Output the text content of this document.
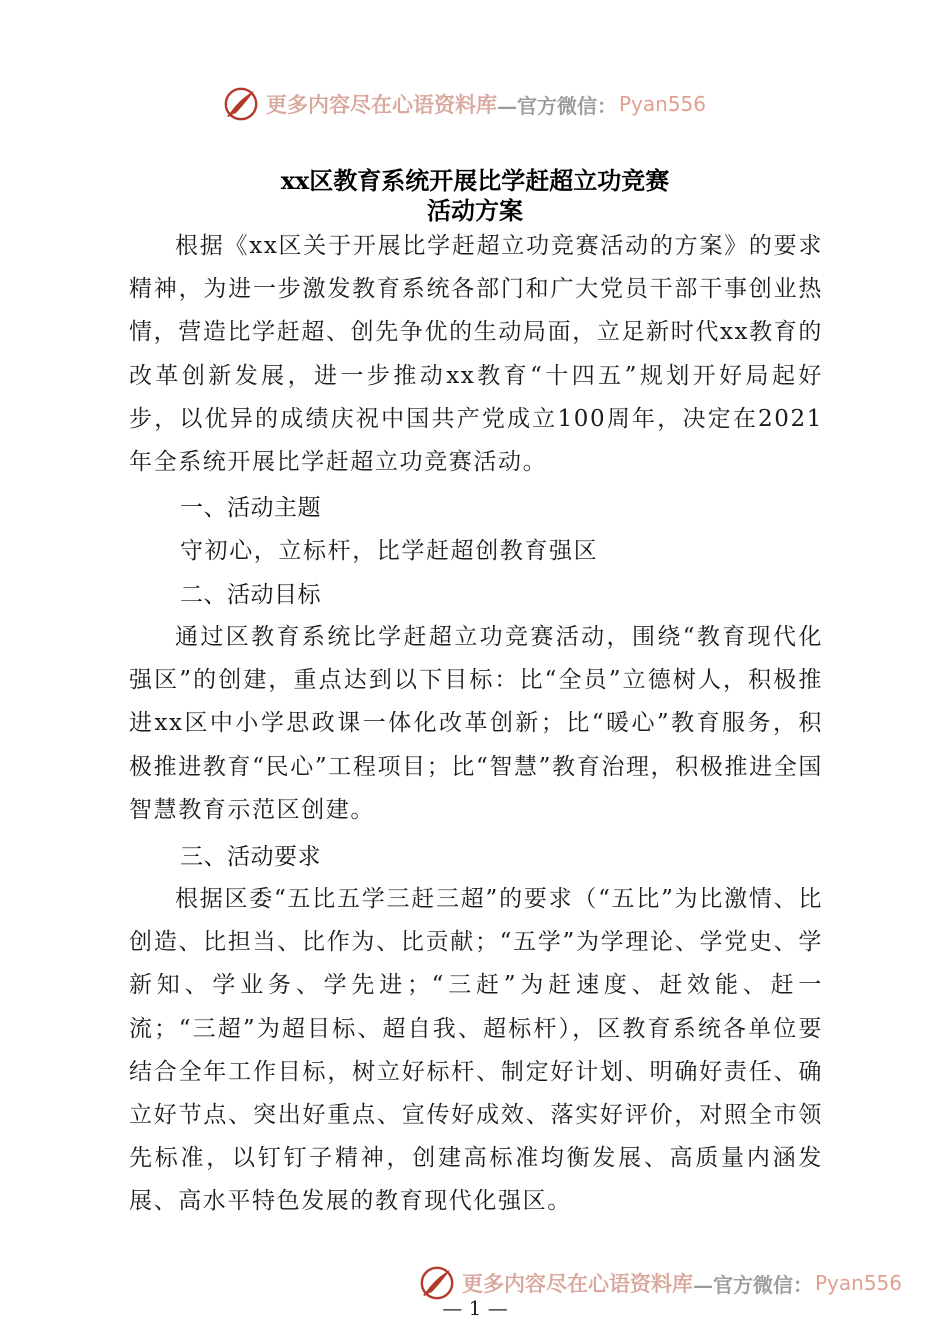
更多内容尽在心语资料库 —官方微信： Pyan556
xx区教育系统开展比学赶超立功竞赛
活动方案

根据《xx区关于开展比学赶超立功竞赛活动的方案》的要求精神，为进一步激发教育系统各部门和广大党员干部干事创业热情，营造比学赶超、创先争优的生动局面，立足新时代xx教育的改革创新发展，进一步推动xx教育“十四五”规划开好局起好步，以优异的成绩庆祝中国共产党成立100周年，决定在2021年全系统开展比学赶超立功竞赛活动。

一、活动主题

守初心，立标杆，比学赶超创教育强区

二、活动目标

通过区教育系统比学赶超立功竞赛活动，围绕“教育现代化强区”的创建，重点达到以下目标：比“全员”立德树人，积极推进xx区中小学思政课一体化改革创新；比“暖心”教育服务，积极推进教育“民心”工程项目；比“智慧”教育治理，积极推进全国智慧教育示范区创建。

三、活动要求

根据区委“五比五学三赶三超”的要求（“五比”为比激情、比创造、比担当、比作为、比贡献；“五学”为学理论、学党史、学新知、学业务、学先进；“三赶”为赶速度、赶效能、赶一流；“三超”为超目标、超自我、超标杆），区教育系统各单位要结合全年工作目标，树立好标杆、制定好计划、明确好责任、确立好节点、突出好重点、宣传好成效、落实好评价，对照全市领先标准，以钉钉子精神，创建高标准均衡发展、高质量内涵发展、高水平特色发展的教育现代化强区。

更多内容尽在心语资料库 —官方微信： Pyan556
— 1 —
